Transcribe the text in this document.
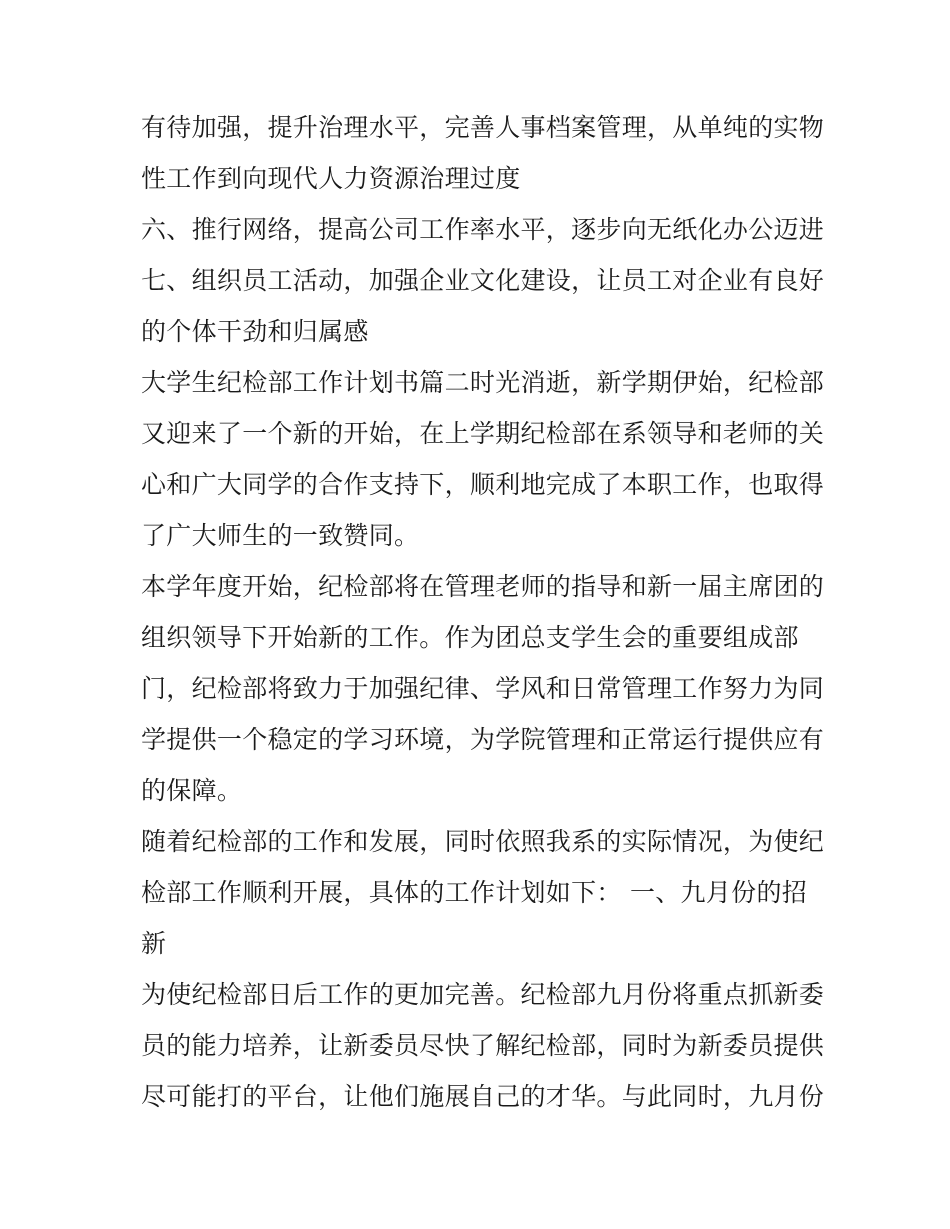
有待加强，提升治理水平，完善人事档案管理，从单纯的实物
性工作到向现代人力资源治理过度
六、推行网络，提高公司工作率水平，逐步向无纸化办公迈进
七、组织员工活动，加强企业文化建设，让员工对企业有良好
的个体干劲和归属感
大学生纪检部工作计划书篇二时光消逝，新学期伊始，纪检部
又迎来了一个新的开始，在上学期纪检部在系领导和老师的关
心和广大同学的合作支持下，顺利地完成了本职工作，也取得
了广大师生的一致赞同。
本学年度开始，纪检部将在管理老师的指导和新一届主席团的
组织领导下开始新的工作。作为团总支学生会的重要组成部
门，纪检部将致力于加强纪律、学风和日常管理工作努力为同
学提供一个稳定的学习环境，为学院管理和正常运行提供应有
的保障。
随着纪检部的工作和发展，同时依照我系的实际情况，为使纪
检部工作顺利开展，具体的工作计划如下： 一、九月份的招
新
为使纪检部日后工作的更加完善。纪检部九月份将重点抓新委
员的能力培养，让新委员尽快了解纪检部，同时为新委员提供
尽可能打的平台，让他们施展自己的才华。与此同时，九月份
